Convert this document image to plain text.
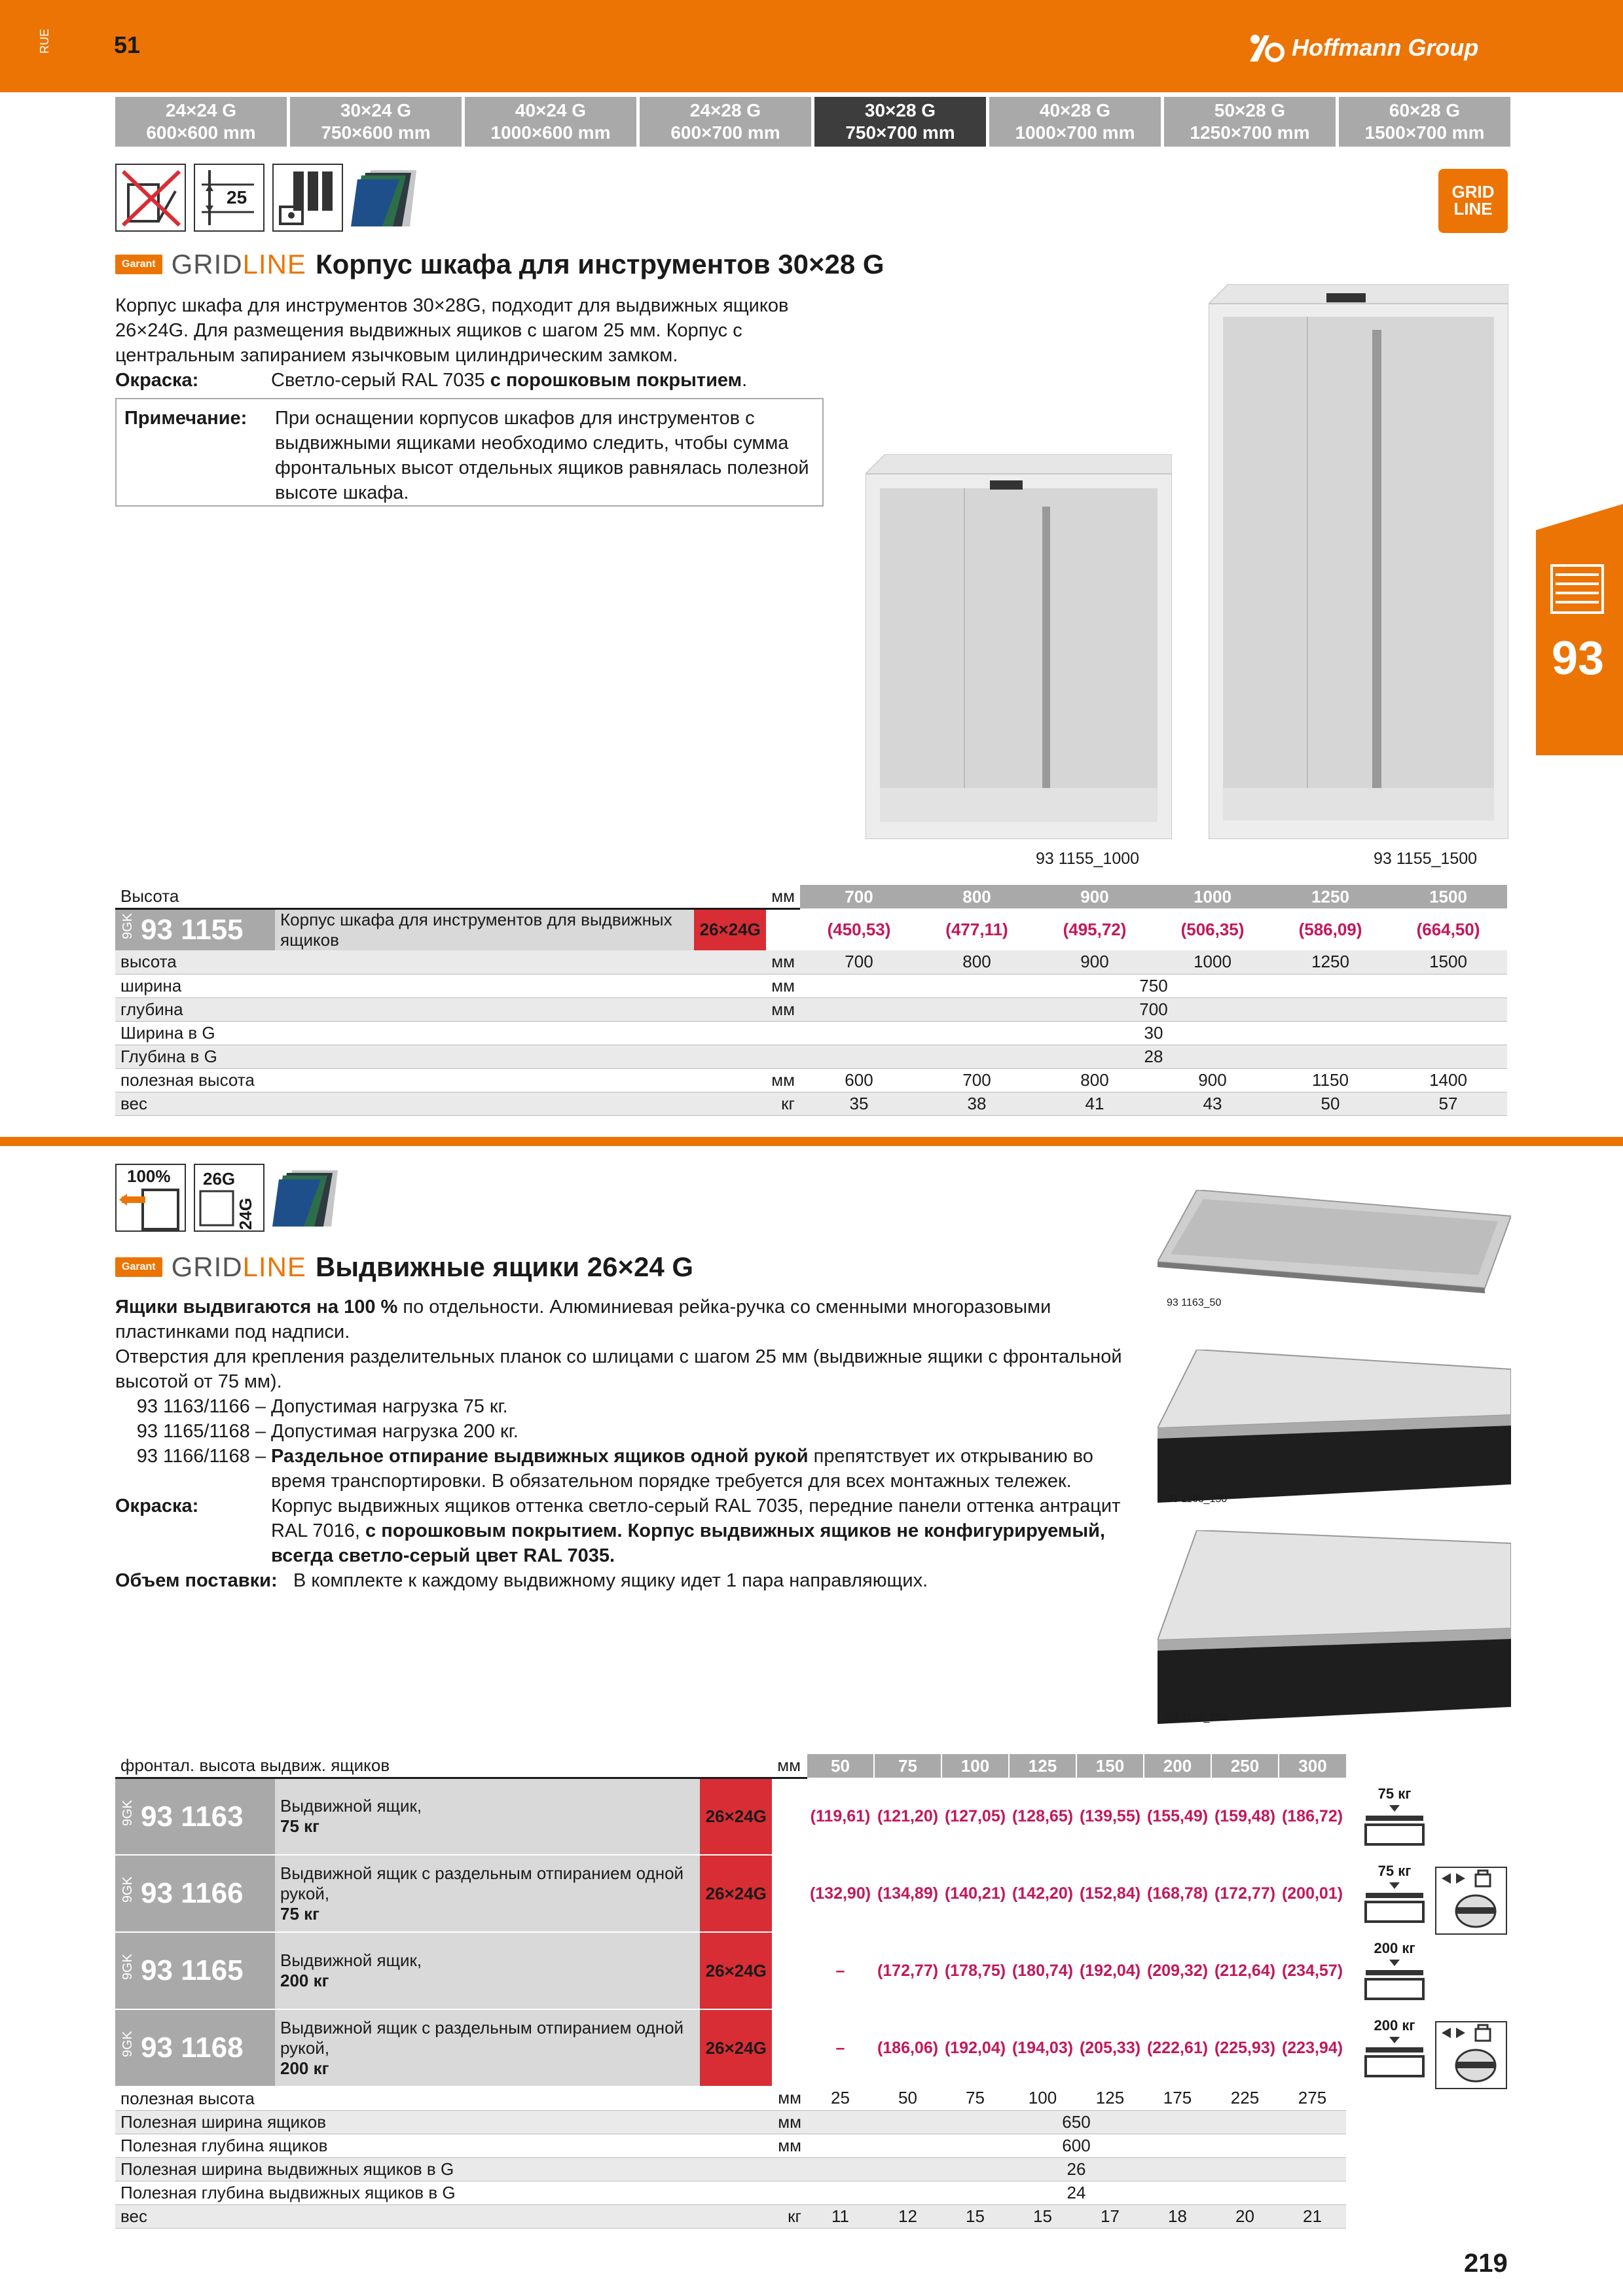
RUE	51	Hoffmann Group
24×24 G
600×600 mm
30×24 G
750×600 mm
40×24 G
1000×600 mm
24×28 G
600×700 mm
30×28 G
750×700 mm
40×28 G
1000×700 mm
50×28 G
1250×700 mm
60×28 G
1500×700 mm
25	GRID
LINE
Garant GRIDLINE Корпус шкафа для инструментов 30×28 G
Корпус шкафа для инструментов 30×28G, подходит для выдвижных ящиков
26×24G. Для размещения выдвижных ящиков с шагом 25 мм. Корпус с
центральным запиранием язычковым цилиндрическим замком.
Окраска:	Светло-серый RAL 7035 с порошковым покрытием.
Примечание:	При оснащении корпусов шкафов для инструментов с
выдвижными ящиками необходимо следить, чтобы сумма
фронтальных высот отдельных ящиков равнялась полезной
высоте шкафа.
93 1155_1000	93 1155_1500
93
Высота			мм	700	800	900	1000	1250	1500
9GK 93 1155	Корпус шкафа для инструментов для выдвижных ящиков	26×24G		(450,53)	(477,11)	(495,72)	(506,35)	(586,09)	(664,50)
высота			мм	700	800	900	1000	1250	1500
ширина			мм	750					
глубина			мм	700					
Ширина в G				30					
Глубина в G				28					
полезная высота			мм	600	700	800	900	1150	1400
вес			кг	35	38	41	43	50	57
100% 26G
24G
Garant GRIDLINE Выдвижные ящики 26×24 G
Ящики выдвигаются на 100 % по отдельности. Алюминиевая рейка-ручка со сменными многоразовыми
пластинками под надписи.
Отверстия для крепления разделительных планок со шлицами с шагом 25 мм (выдвижные ящики с фронтальной
высотой от 75 мм).
93 1163/1166 – Допустимая нагрузка 75 кг.
93 1165/1168 – Допустимая нагрузка 200 кг.
93 1166/1168 – Раздельное отпирание выдвижных ящиков одной рукой препятствует их открыванию во
время транспортировки. В обязательном порядке требуется для всех монтажных тележек.
Окраска:	Корпус выдвижных ящиков оттенка светло-серый RAL 7035, передние панели оттенка антрацит
RAL 7016, с порошковым покрытием. Корпус выдвижных ящиков не конфигурируемый,
всегда светло-серый цвет RAL 7035.
Объем поставки: В комплекте к каждому выдвижному ящику идет 1 пара направляющих.
93 1163_50
93 1163_150
93 1163_250
фронтал. высота выдвиж. ящиков			мм	50	75	100	125	150	200	250	300
9GK 93 1163	Выдвижной ящик,
75 кг	26×24G		(119,61)	(121,20)	(127,05)	(128,65)	(139,55)	(155,49)	(159,48)	(186,72)
9GK 93 1166	Выдвижной ящик с раздельным отпиранием одной рукой,
75 кг	26×24G		(132,90)	(134,89)	(140,21)	(142,20)	(152,84)	(168,78)	(172,77)	(200,01)
9GK 93 1165	Выдвижной ящик,
200 кг	26×24G		–	(172,77)	(178,75)	(180,74)	(192,04)	(209,32)	(212,64)	(234,57)
9GK 93 1168	Выдвижной ящик с раздельным отпиранием одной рукой,
200 кг	26×24G		–	(186,06)	(192,04)	(194,03)	(205,33)	(222,61)	(225,93)	(223,94)
полезная высота			мм	25	50	75	100	125	175	225	275
Полезная ширина ящиков			мм	650							
Полезная глубина ящиков			мм	600							
Полезная ширина выдвижных ящиков в G				26							
Полезная глубина выдвижных ящиков в G				24							
вес			кг	11	12	15	15	17	18	20	21
75 кг
75 кг
200 кг
200 кг
219
